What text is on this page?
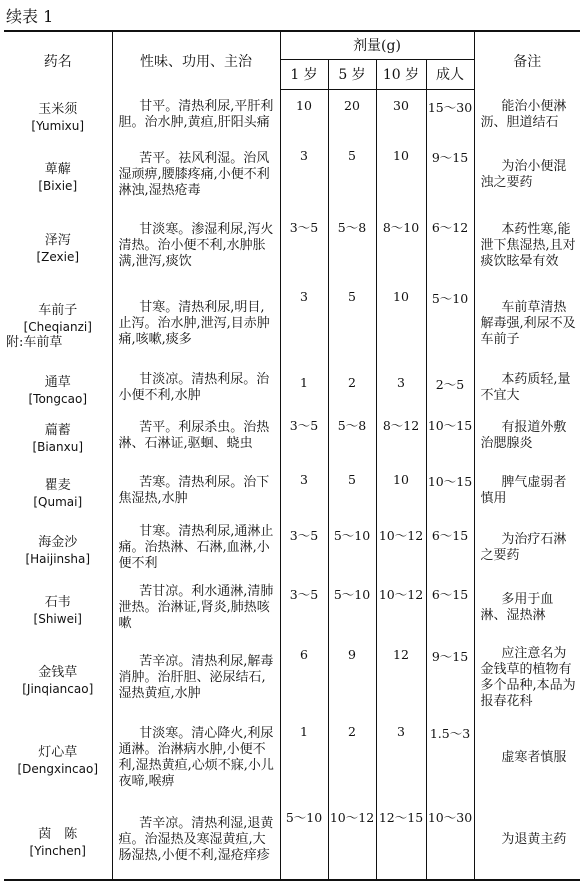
续表 1
药名	性味、功用、主治	剂量(g)				备注
		1 岁	5 岁	10 岁	成人	

玉米须
[Yumixu]	甘平。清热利尿,平肝利胆。治水肿,黄疸,肝阳头痛	10	20	30	15～30	能治小便淋沥、胆道结石

萆薢
[Bixie]	苦平。祛风利湿。治风湿顽痹,腰膝疼痛,小便不利淋浊,湿热疮毒	3	5	10	9～15	为治小便混浊之要药

泽泻
[Zexie]	甘淡寒。渗湿利尿,泻火清热。治小便不利,水肿胀满,泄泻,痰饮	3～5	5～8	8～10	6～12	本药性寒,能泄下焦湿热,且对痰饮眩晕有效

车前子
[Cheqianzi]
附:车前草	甘寒。清热利尿,明目,止泻。治水肿,泄泻,目赤肿痛,咳嗽,痰多	3	5	10	5～10	车前草清热解毒强,利尿不及车前子

通草
[Tongcao]	甘淡凉。清热利尿。治小便不利,水肿	1	2	3	2～5	本药质轻,量不宜大

萹蓄
[Bianxu]	苦平。利尿杀虫。治热淋、石淋证,驱蛔、蛲虫	3～5	5～8	8～12	10～15	有报道外敷治腮腺炎

瞿麦
[Qumai]	苦寒。清热利尿。治下焦湿热,水肿	3	5	10	10～15	脾气虚弱者慎用

海金沙
[Haijinsha]	甘寒。清热利尿,通淋止痛。治热淋、石淋,血淋,小便不利	3～5	5～10	10～12	6～15	为治疗石淋之要药

石韦
[Shiwei]	苦甘凉。利水通淋,清肺泄热。治淋证,肾炎,肺热咳嗽	3～5	5～10	10～12	6～15	多用于血淋、湿热淋

金钱草
[Jinqiancao]	苦辛凉。清热利尿,解毒消肿。治肝胆、泌尿结石,湿热黄疸,水肿	6	9	12	9～15	应注意名为金钱草的植物有多个品种,本品为报春花科

灯心草
[Dengxincao]	甘淡寒。清心降火,利尿通淋。治淋病水肿,小便不利,湿热黄疸,心烦不寐,小儿夜啼,喉痹	1	2	3	1.5～3	虚寒者慎服

茵　陈
[Yinchen]	苦辛凉。清热利湿,退黄疸。治湿热及寒湿黄疸,大肠湿热,小便不利,湿疮痒疹	5～10	10～12	12～15	10～30	为退黄主药
